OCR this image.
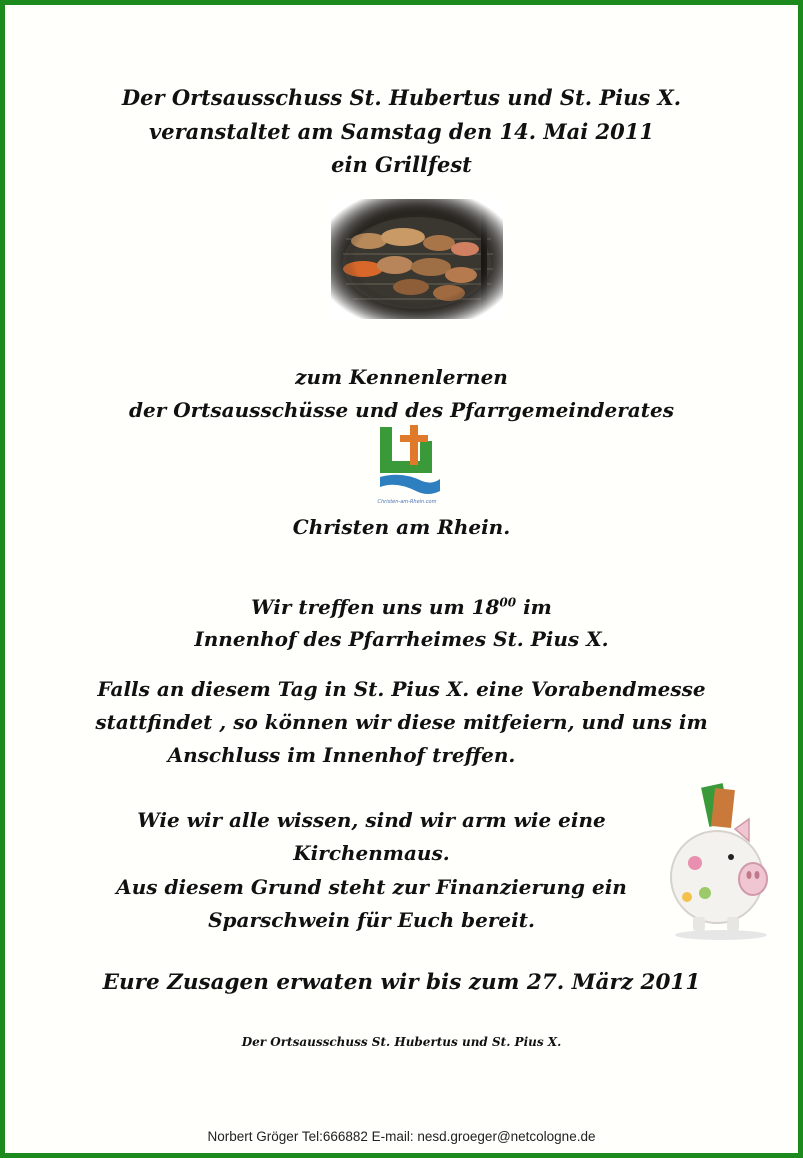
Der Ortsausschuss St. Hubertus und St. Pius X.
veranstaltet am Samstag den 14. Mai 2011
ein Grillfest
zum Kennenlernen
der Ortsausschüsse und des Pfarrgemeinderates
Christen-am-Rhein.com
Christen am Rhein.
Wir treffen uns um $18^{00}$ im
Innenhof des Pfarrheimes St. Pius X.
Falls an diesem Tag in St. Pius X. eine Vorabendmesse
stattfindet , so können wir diese mitfeiern, und uns im
Anschluss im Innenhof treffen.
Wie wir alle wissen, sind wir arm wie eine
Kirchenmaus.
Aus diesem Grund steht zur Finanzierung ein
Sparschwein für Euch bereit.
Eure Zusagen erwaten wir bis zum 27. März 2011
Der Ortsausschuss St. Hubertus und St. Pius X.
Norbert Gröger Tel:666882 E-mail: nesd.groeger@netcologne.de
